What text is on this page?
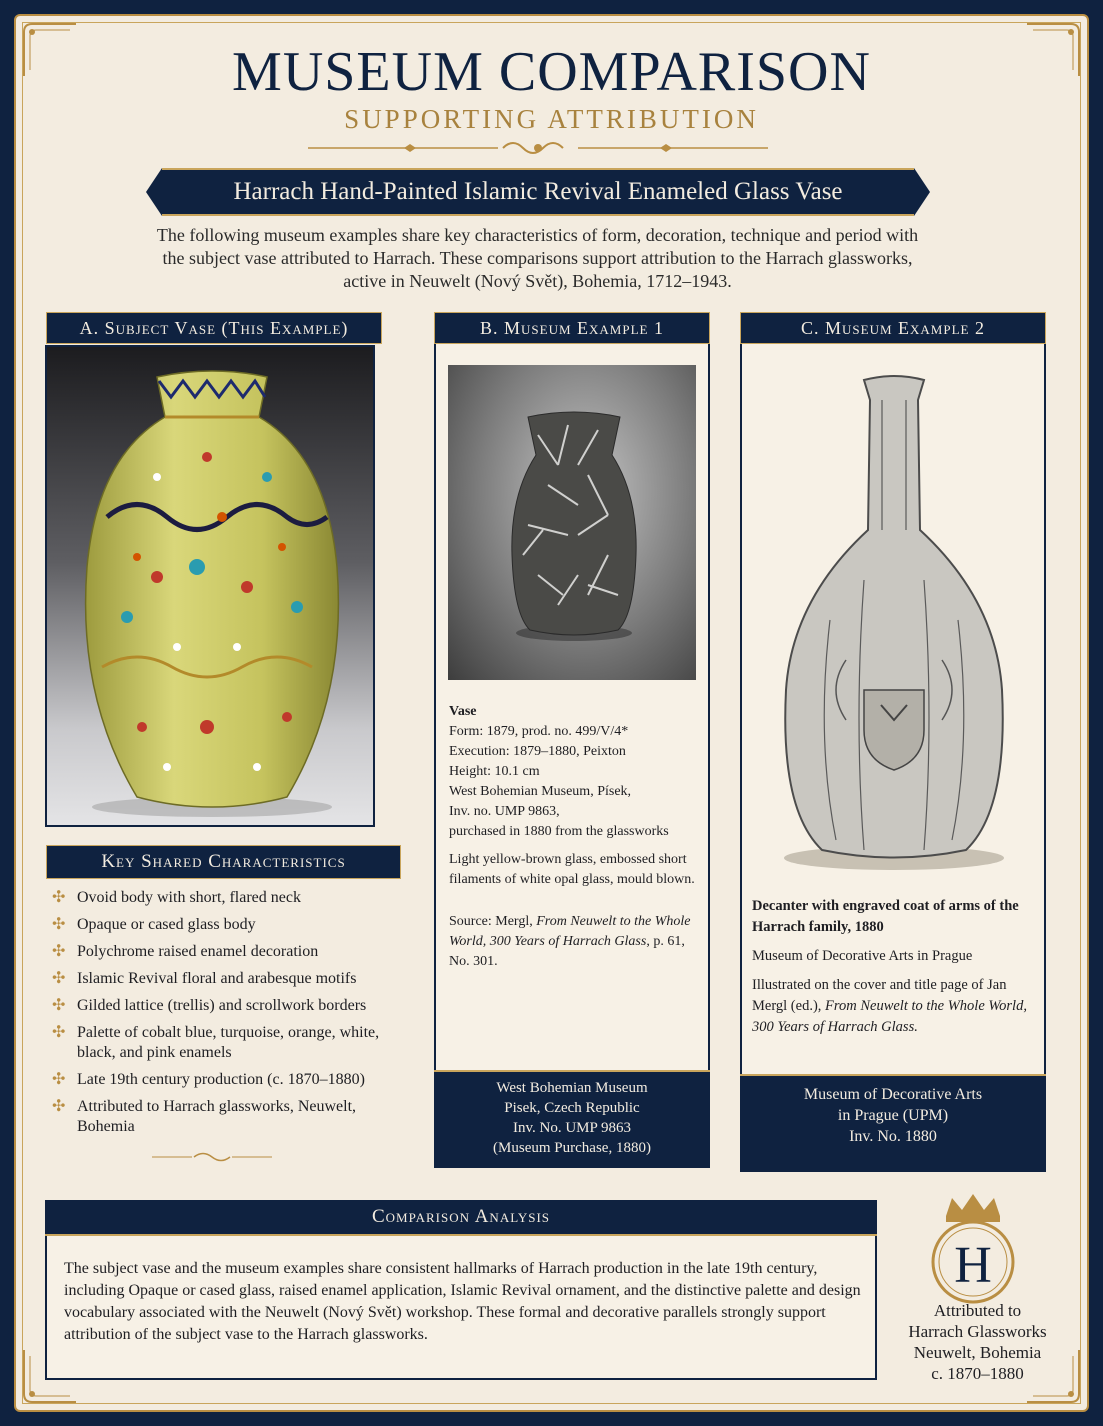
MUSEUM COMPARISON
SUPPORTING ATTRIBUTION
Harrach Hand-Painted Islamic Revival Enameled Glass Vase

The following museum examples share key characteristics of form, decoration, technique and period with the subject vase attributed to Harrach. These comparisons support attribution to the Harrach glassworks, active in Neuwelt (Nový Svět), Bohemia, 1712–1943.

A. Subject Vase (This Example)
Key Shared Characteristics
✣ Ovoid body with short, flared neck
✣ Opaque or cased glass body
✣ Polychrome raised enamel decoration
✣ Islamic Revival floral and arabesque motifs
✣ Gilded lattice (trellis) and scrollwork borders
✣ Palette of cobalt blue, turquoise, orange, white, black, and pink enamels
✣ Late 19th century production (c. 1870–1880)
✣ Attributed to Harrach glassworks, Neuwelt, Bohemia
B. Museum Example 1

Vase
Form: 1879, prod. no. 499/V/4*
Execution: 1879–1880, Peixton
Height: 10.1 cm
West Bohemian Museum, Písek,
Inv. no. UMP 9863,
purchased in 1880 from the glassworks

Light yellow-brown glass, embossed short filaments of white opal glass, mould blown.

Source: Mergl, From Neuwelt to the Whole World, 300 Years of Harrach Glass, p. 61, No. 301.

West Bohemian Museum
Pisek, Czech Republic
Inv. No. UMP 9863
(Museum Purchase, 1880)
C. Museum Example 2

Decanter with engraved coat of arms of the Harrach family, 1880

Museum of Decorative Arts in Prague

Illustrated on the cover and title page of Jan Mergl (ed.), From Neuwelt to the Whole World, 300 Years of Harrach Glass.

Museum of Decorative Arts
in Prague (UPM)
Inv. No. 1880
Comparison Analysis

The subject vase and the museum examples share consistent hallmarks of Harrach production in the late 19th century, including Opaque or cased glass, raised enamel application, Islamic Revival ornament, and the distinctive palette and design vocabulary associated with the Neuwelt (Nový Svět) workshop. These formal and decorative parallels strongly support attribution of the subject vase to the Harrach glassworks.

H
Attributed to
Harrach Glassworks
Neuwelt, Bohemia
c. 1870–1880
